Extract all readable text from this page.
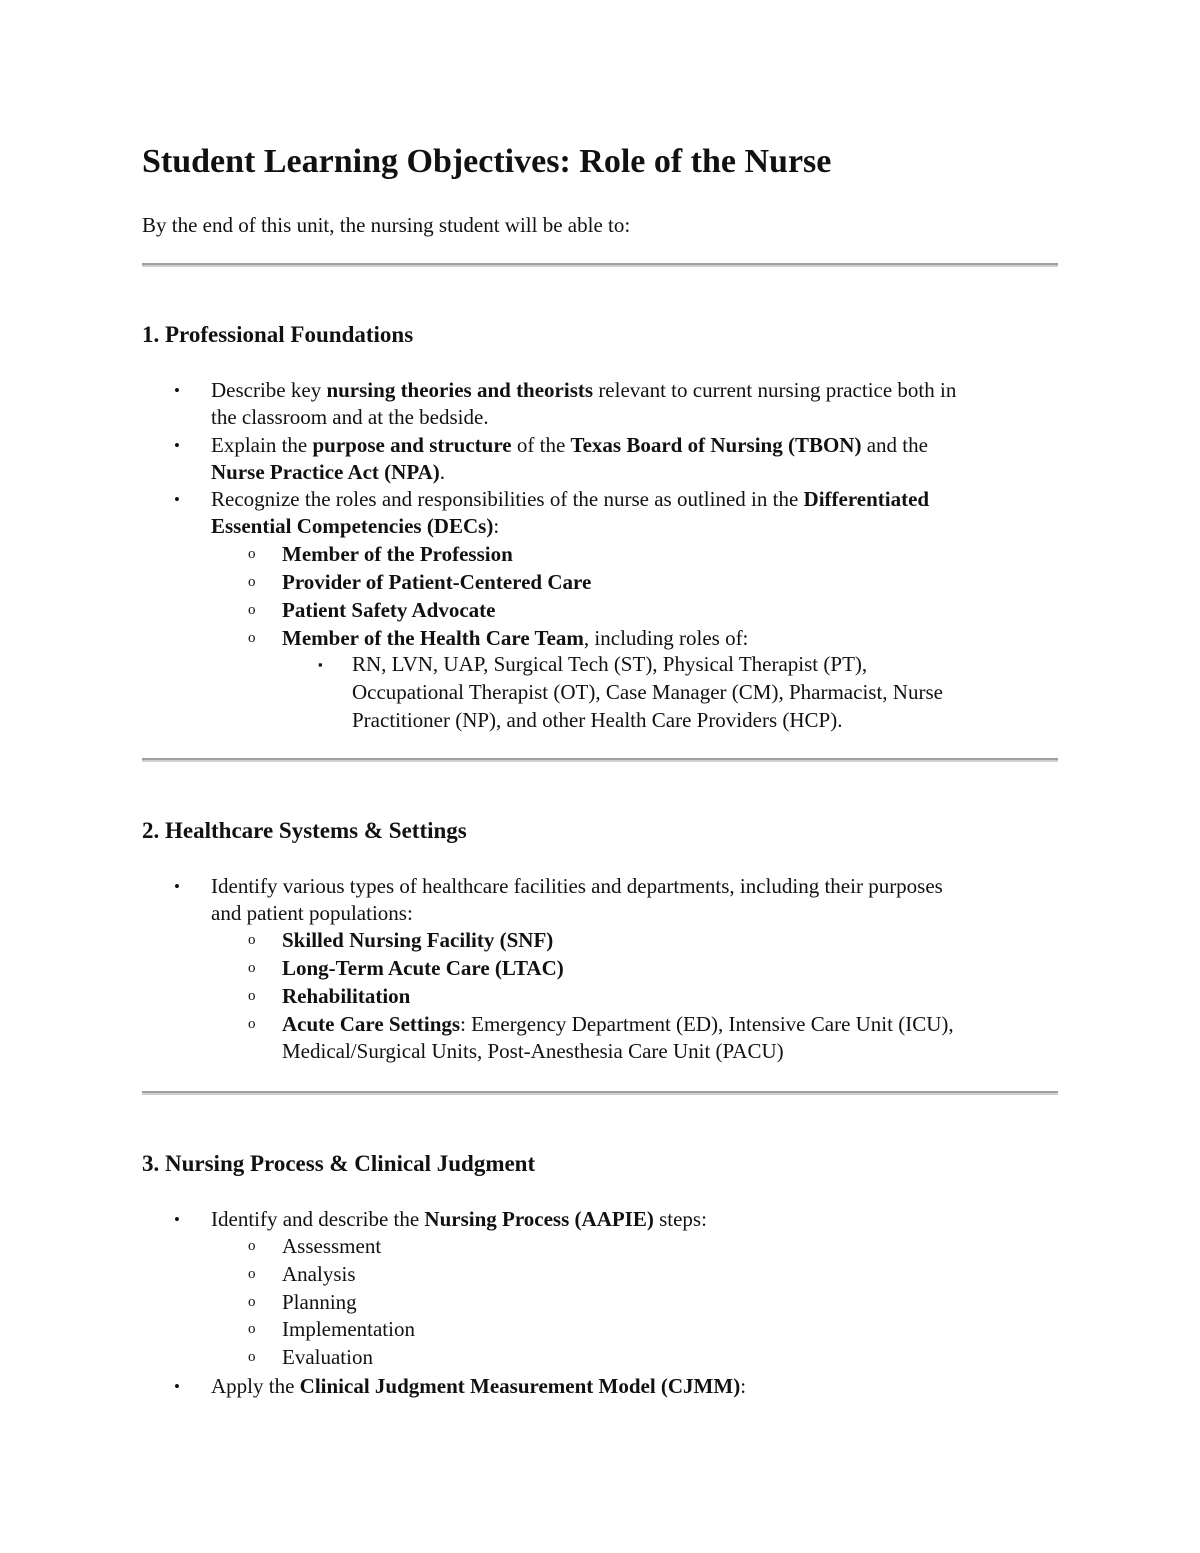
Student Learning Objectives: Role of the Nurse

By the end of this unit, the nursing student will be able to:

1. Professional Foundations
• Describe key nursing theories and theorists relevant to current nursing practice both in

the classroom and at the bedside.

• Explain the purpose and structure of the Texas Board of Nursing (TBON) and the

Nurse Practice Act (NPA).

• Recognize the roles and responsibilities of the nurse as outlined in the Differentiated

Essential Competencies (DECs):

o Member of the Profession

o Provider of Patient-Centered Care

o Patient Safety Advocate

o Member of the Health Care Team, including roles of:

▪ RN, LVN, UAP, Surgical Tech (ST), Physical Therapist (PT),

Occupational Therapist (OT), Case Manager (CM), Pharmacist, Nurse

Practitioner (NP), and other Health Care Providers (HCP).

2. Healthcare Systems & Settings
• Identify various types of healthcare facilities and departments, including their purposes

and patient populations:

o Skilled Nursing Facility (SNF)

o Long-Term Acute Care (LTAC)

o Rehabilitation

o Acute Care Settings: Emergency Department (ED), Intensive Care Unit (ICU),

Medical/Surgical Units, Post-Anesthesia Care Unit (PACU)

3. Nursing Process & Clinical Judgment
• Identify and describe the Nursing Process (AAPIE) steps:

o Assessment

o Analysis

o Planning

o Implementation

o Evaluation

• Apply the Clinical Judgment Measurement Model (CJMM):
